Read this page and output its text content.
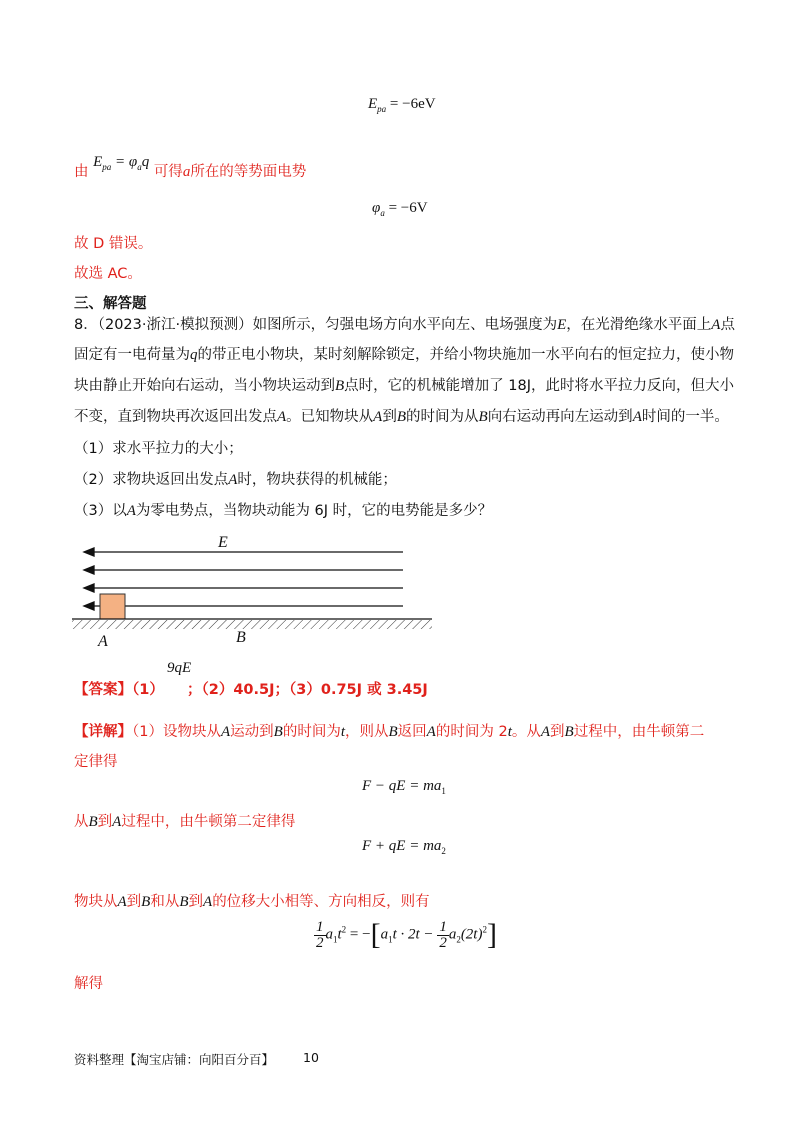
$E_{pa} = -6eV$
由 $E_{pa} = \varphi_aq$ 可得a所在的等势面电势
$\varphi_a = -6V$
故 D 错误。
故选 AC。
三、解答题
8．（2023·浙江·模拟预测）如图所示，匀强电场方向水平向左、电场强度为E，在光滑绝缘水平面上A点
固定有一电荷量为q的带正电小物块，某时刻解除锁定，并给小物块施加一水平向右的恒定拉力，使小物
块由静止开始向右运动，当小物块运动到B点时，它的机械能增加了 18J，此时将水平拉力反向，但大小
不变，直到物块再次返回出发点A。已知物块从A到B的时间为从B向右运动再向左运动到A时间的一半。
（1）求水平拉力的大小；
（2）求物块返回出发点A时，物块获得的机械能；
（3）以A为零电势点，当物块动能为 6J 时，它的电势能是多少？
E
A	B
【答案】（1）
9qE
；（2）40.5J；（3）0.75J 或 3.45J
【详解】（1）设物块从A运动到B的时间为t，则从B返回A的时间为 2t。从A到B过程中，由牛顿第二
定律得
F − qE = $ma_1$
从B到A过程中，由牛顿第二定律得
F + qE = $ma_2$
物块从A到B和从B到A的位移大小相等、方向相反，则有
$\frac{1}{2} a_1t^2 = -[a_1t \cdot 2t - \frac{1}{2} a_2(2t)^2]$
解得
资料整理【淘宝店铺：向阳百分百】 10
